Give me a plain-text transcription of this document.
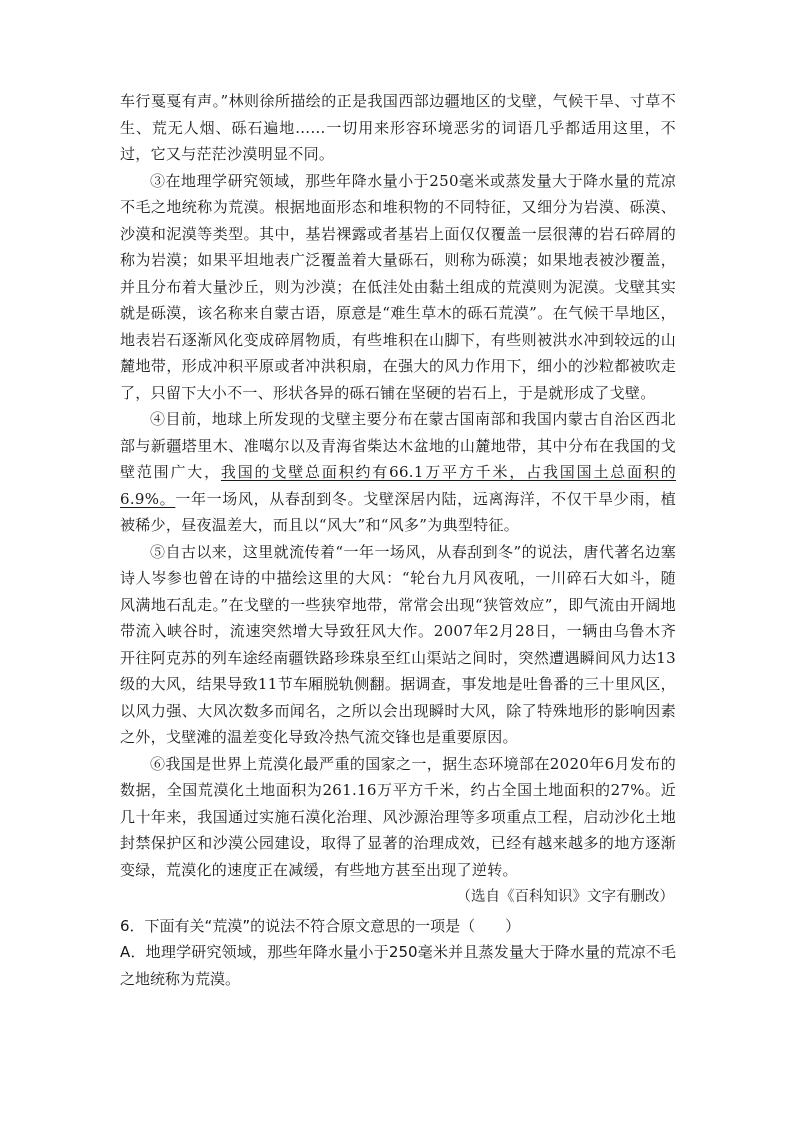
车行戛戛有声。”林则徐所描绘的正是我国西部边疆地区的戈壁，气候干旱、寸草不生、荒无人烟、砾石遍地……一切用来形容环境恶劣的词语几乎都适用这里，不过，它又与茫茫沙漠明显不同。

③在地理学研究领域，那些年降水量小于250毫米或蒸发量大于降水量的荒凉不毛之地统称为荒漠。根据地面形态和堆积物的不同特征，又细分为岩漠、砾漠、沙漠和泥漠等类型。其中，基岩裸露或者基岩上面仅仅覆盖一层很薄的岩石碎屑的称为岩漠；如果平坦地表广泛覆盖着大量砾石，则称为砾漠；如果地表被沙覆盖，并且分布着大量沙丘，则为沙漠；在低洼处由黏土组成的荒漠则为泥漠。戈壁其实就是砾漠，该名称来自蒙古语，原意是“难生草木的砾石荒漠”。在气候干旱地区，地表岩石逐渐风化变成碎屑物质，有些堆积在山脚下，有些则被洪水冲到较远的山麓地带，形成冲积平原或者冲洪积扇，在强大的风力作用下，细小的沙粒都被吹走了，只留下大小不一、形状各异的砾石铺在坚硬的岩石上，于是就形成了戈壁。

④目前，地球上所发现的戈壁主要分布在蒙古国南部和我国内蒙古自治区西北部与新疆塔里木、准噶尔以及青海省柴达木盆地的山麓地带，其中分布在我国的戈壁范围广大，我国的戈壁总面积约有66.1万平方千米，占我国国土总面积的6.9%。一年一场风，从春刮到冬。戈壁深居内陆，远离海洋，不仅干旱少雨，植被稀少，昼夜温差大，而且以“风大”和“风多”为典型特征。

⑤自古以来，这里就流传着“一年一场风，从春刮到冬”的说法，唐代著名边塞诗人岑参也曾在诗的中描绘这里的大风：“轮台九月风夜吼，一川碎石大如斗，随风满地石乱走。”在戈壁的一些狭窄地带，常常会出现“狭管效应”，即气流由开阔地带流入峡谷时，流速突然增大导致狂风大作。2007年2月28日，一辆由乌鲁木齐开往阿克苏的列车途经南疆铁路珍珠泉至红山渠站之间时，突然遭遇瞬间风力达13级的大风，结果导致11节车厢脱轨侧翻。据调查，事发地是吐鲁番的三十里风区，以风力强、大风次数多而闻名，之所以会出现瞬时大风，除了特殊地形的影响因素之外，戈壁滩的温差变化导致冷热气流交锋也是重要原因。

⑥我国是世界上荒漠化最严重的国家之一，据生态环境部在2020年6月发布的数据，全国荒漠化土地面积为261.16万平方千米，约占全国土地面积的27%。近几十年来，我国通过实施石漠化治理、风沙源治理等多项重点工程，启动沙化土地封禁保护区和沙漠公园建设，取得了显著的治理成效，已经有越来越多的地方逐渐变绿，荒漠化的速度正在减缓，有些地方甚至出现了逆转。

（选自《百科知识》文字有删改）

6．下面有关“荒漠”的说法不符合原文意思的一项是（　　）

A．地理学研究领域，那些年降水量小于250毫米并且蒸发量大于降水量的荒凉不毛之地统称为荒漠。
